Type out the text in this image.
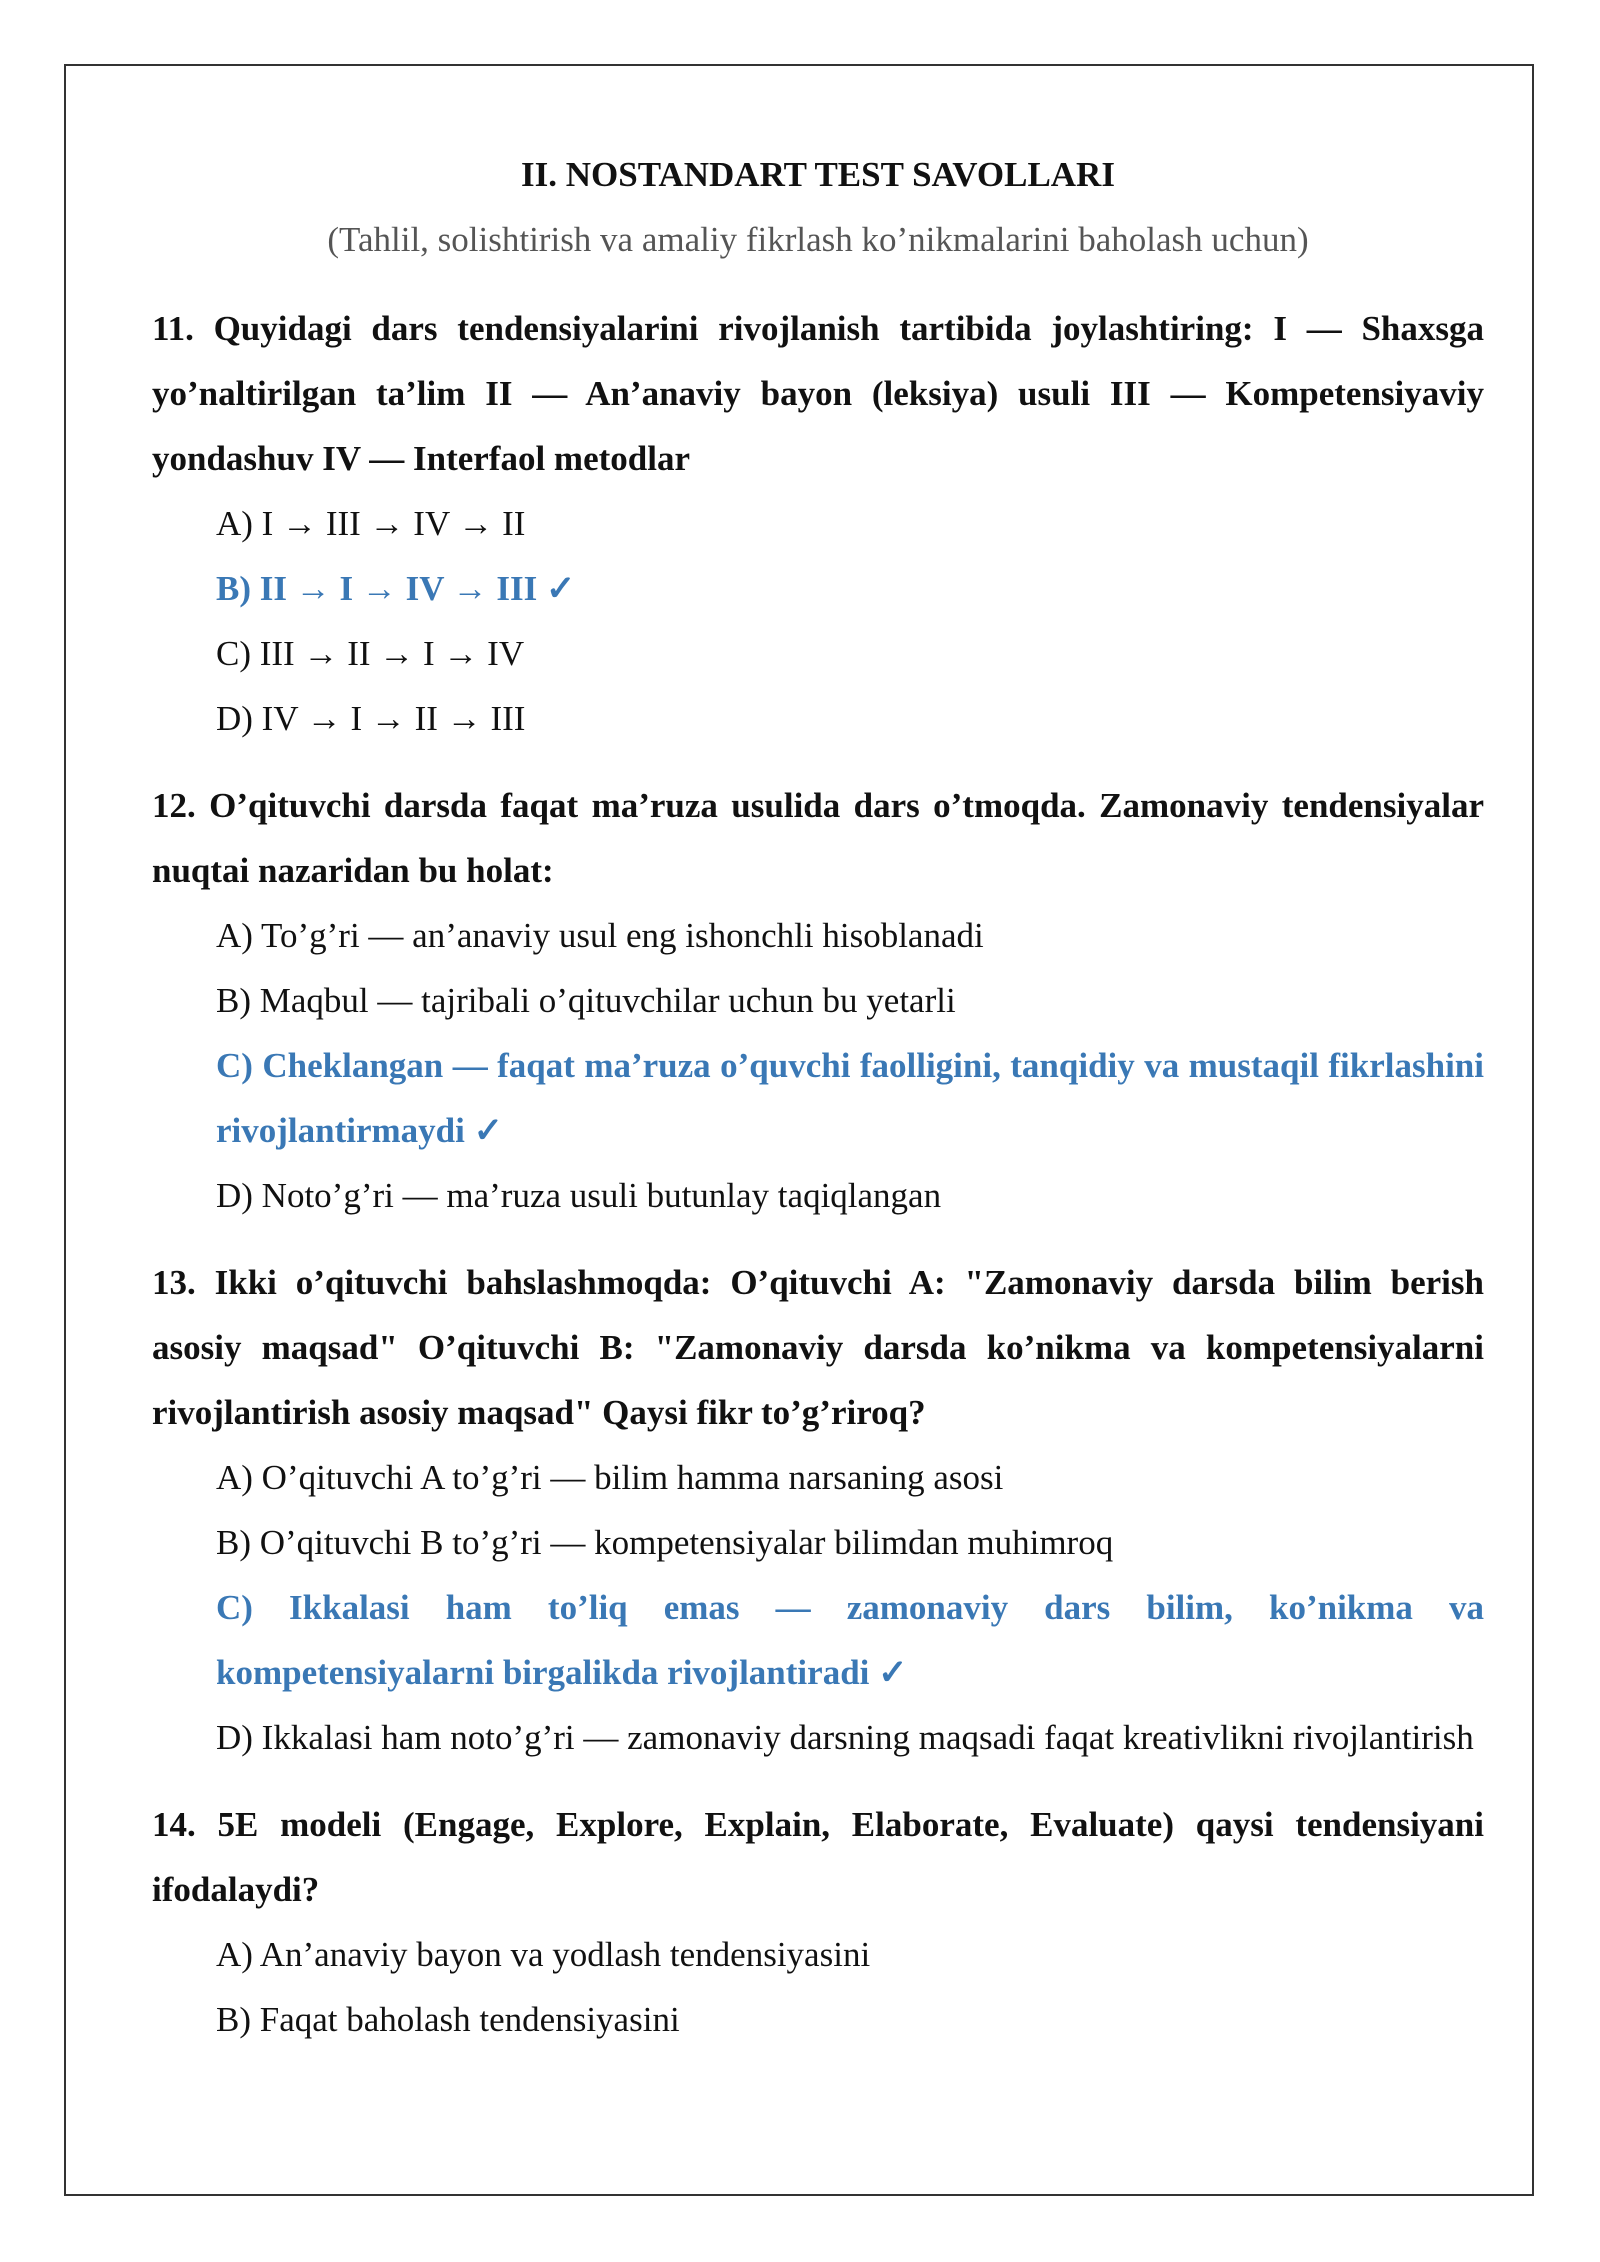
II. NOSTANDART TEST SAVOLLARI

(Tahlil, solishtirish va amaliy fikrlash ko’nikmalarini baholash uchun)

11. Quyidagi dars tendensiyalarini rivojlanish tartibida joylashtiring: I — Shaxsga yo’naltirilgan ta’lim II — An’anaviy bayon (leksiya) usuli III — Kompetensiyaviy yondashuv IV — Interfaol metodlar

A) I → III → IV → II

B) II → I → IV → III ✓

C) III → II → I → IV

D) IV → I → II → III

12. O’qituvchi darsda faqat ma’ruza usulida dars o’tmoqda. Zamonaviy tendensiyalar nuqtai nazaridan bu holat:

A) To’g’ri — an’anaviy usul eng ishonchli hisoblanadi

B) Maqbul — tajribali o’qituvchilar uchun bu yetarli

C) Cheklangan — faqat ma’ruza o’quvchi faolligini, tanqidiy va mustaqil fikrlashini rivojlantirmaydi ✓

D) Noto’g’ri — ma’ruza usuli butunlay taqiqlangan

13. Ikki o’qituvchi bahslashmoqda: O’qituvchi A: "Zamonaviy darsda bilim berish asosiy maqsad" O’qituvchi B: "Zamonaviy darsda ko’nikma va kompetensiyalarni rivojlantirish asosiy maqsad" Qaysi fikr to’g’riroq?

A) O’qituvchi A to’g’ri — bilim hamma narsaning asosi

B) O’qituvchi B to’g’ri — kompetensiyalar bilimdan muhimroq

C) Ikkalasi ham to’liq emas — zamonaviy dars bilim, ko’nikma va kompetensiyalarni birgalikda rivojlantiradi ✓

D) Ikkalasi ham noto’g’ri — zamonaviy darsning maqsadi faqat kreativlikni rivojlantirish

14. 5E modeli (Engage, Explore, Explain, Elaborate, Evaluate) qaysi tendensiyani ifodalaydi?

A) An’anaviy bayon va yodlash tendensiyasini

B) Faqat baholash tendensiyasini
